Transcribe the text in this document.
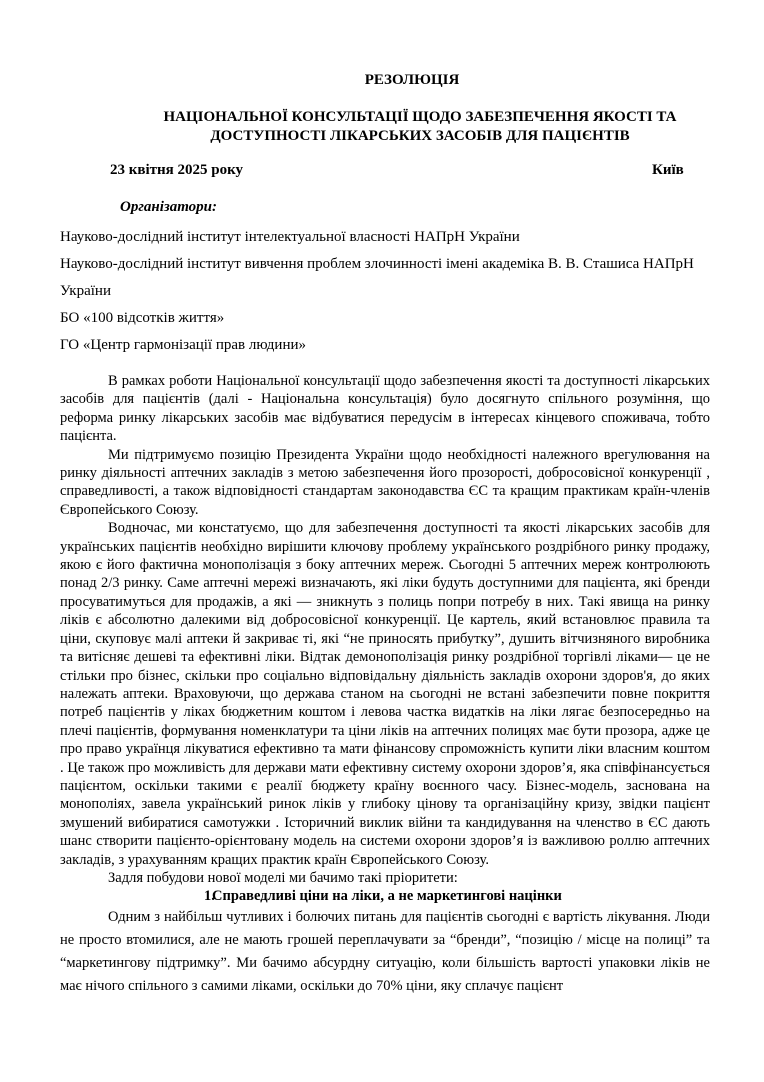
РЕЗОЛЮЦІЯ
НАЦІОНАЛЬНОЇ КОНСУЛЬТАЦІЇ ЩОДО ЗАБЕЗПЕЧЕННЯ ЯКОСТІ ТА ДОСТУПНОСТІ ЛІКАРСЬКИХ ЗАСОБІВ ДЛЯ ПАЦІЄНТІВ
23 квітня 2025 року	Київ
Організатори:
Науково-дослідний інститут інтелектуальної власності НАПрН України
Науково-дослідний інститут вивчення проблем злочинності імені академіка В. В. Сташиса НАПрН України
БО «100 відсотків життя»
ГО «Центр гармонізації прав людини»

В рамках роботи Національної консультації щодо забезпечення якості та доступності лікарських засобів для пацієнтів (далі - Національна консультація) було досягнуто спільного розуміння, що реформа ринку лікарських засобів має відбуватися передусім в інтересах кінцевого споживача, тобто пацієнта.

Ми підтримуємо позицію Президента України щодо необхідності належного врегулювання на ринку діяльності аптечних закладів з метою забезпечення його прозорості, добросовісної конкуренції , справедливості, а також відповідності стандартам законодавства ЄС та кращим практикам країн-членів Європейського Союзу.

Водночас, ми констатуємо, що для забезпечення доступності та якості лікарських засобів для українських пацієнтів необхідно вирішити ключову проблему українського роздрібного ринку продажу, якою є його фактична монополізація з боку аптечних мереж. Сьогодні 5 аптечних мереж контролюють понад 2/3 ринку. Саме аптечні мережі визначають, які ліки будуть доступними для пацієнта, які бренди просуватимуться для продажів, а які — зникнуть з полиць попри потребу в них. Такі явища на ринку ліків є абсолютно далекими від добросовісної конкуренції. Це картель, який встановлює правила та ціни, скуповує малі аптеки й закриває ті, які “не приносять прибутку”, душить вітчизняного виробника та витісняє дешеві та ефективні ліки. Відтак демонополізація ринку роздрібної торгівлі ліками— це не стільки про бізнес, скільки про соціально відповідальну діяльність закладів охорони здоров'я, до яких належать аптеки. Враховуючи, що держава станом на сьогодні не встані забезпечити повне покриття потреб пацієнтів у ліках бюджетним коштом і левова частка видатків на ліки лягає безпосередньо на плечі пацієнтів, формування номенклатури та ціни ліків на аптечних полицях має бути прозора, адже це про право українця лікуватися ефективно та мати фінансову спроможність купити ліки власним коштом . Це також про можливість для держави мати ефективну систему охорони здоров’я, яка співфінансується пацієнтом, оскільки такими є реалії бюджету країну воєнного часу. Бізнес-модель, заснована на монополіях, завела український ринок ліків у глибоку цінову та організаційну кризу, звідки пацієнт змушений вибиратися самотужки . Історичний виклик війни та кандидування на членство в ЄС дають шанс створити пацієнто-орієнтовану модель на системи охорони здоров’я із важливою роллю аптечних закладів, з урахуванням кращих практик країн Європейського Союзу.

Задля побудови нової моделі ми бачимо такі пріоритети:

1.Справедливі ціни на ліки, а не маркетингові націнки

Одним з найбільш чутливих і болючих питань для пацієнтів сьогодні є вартість лікування. Люди не просто втомилися, але не мають грошей переплачувати за “бренди”, “позицію / місце на полиці” та “маркетингову підтримку”. Ми бачимо абсурдну ситуацію, коли більшість вартості упаковки ліків не має нічого спільного з самими ліками, оскільки до 70% ціни, яку сплачує пацієнт
